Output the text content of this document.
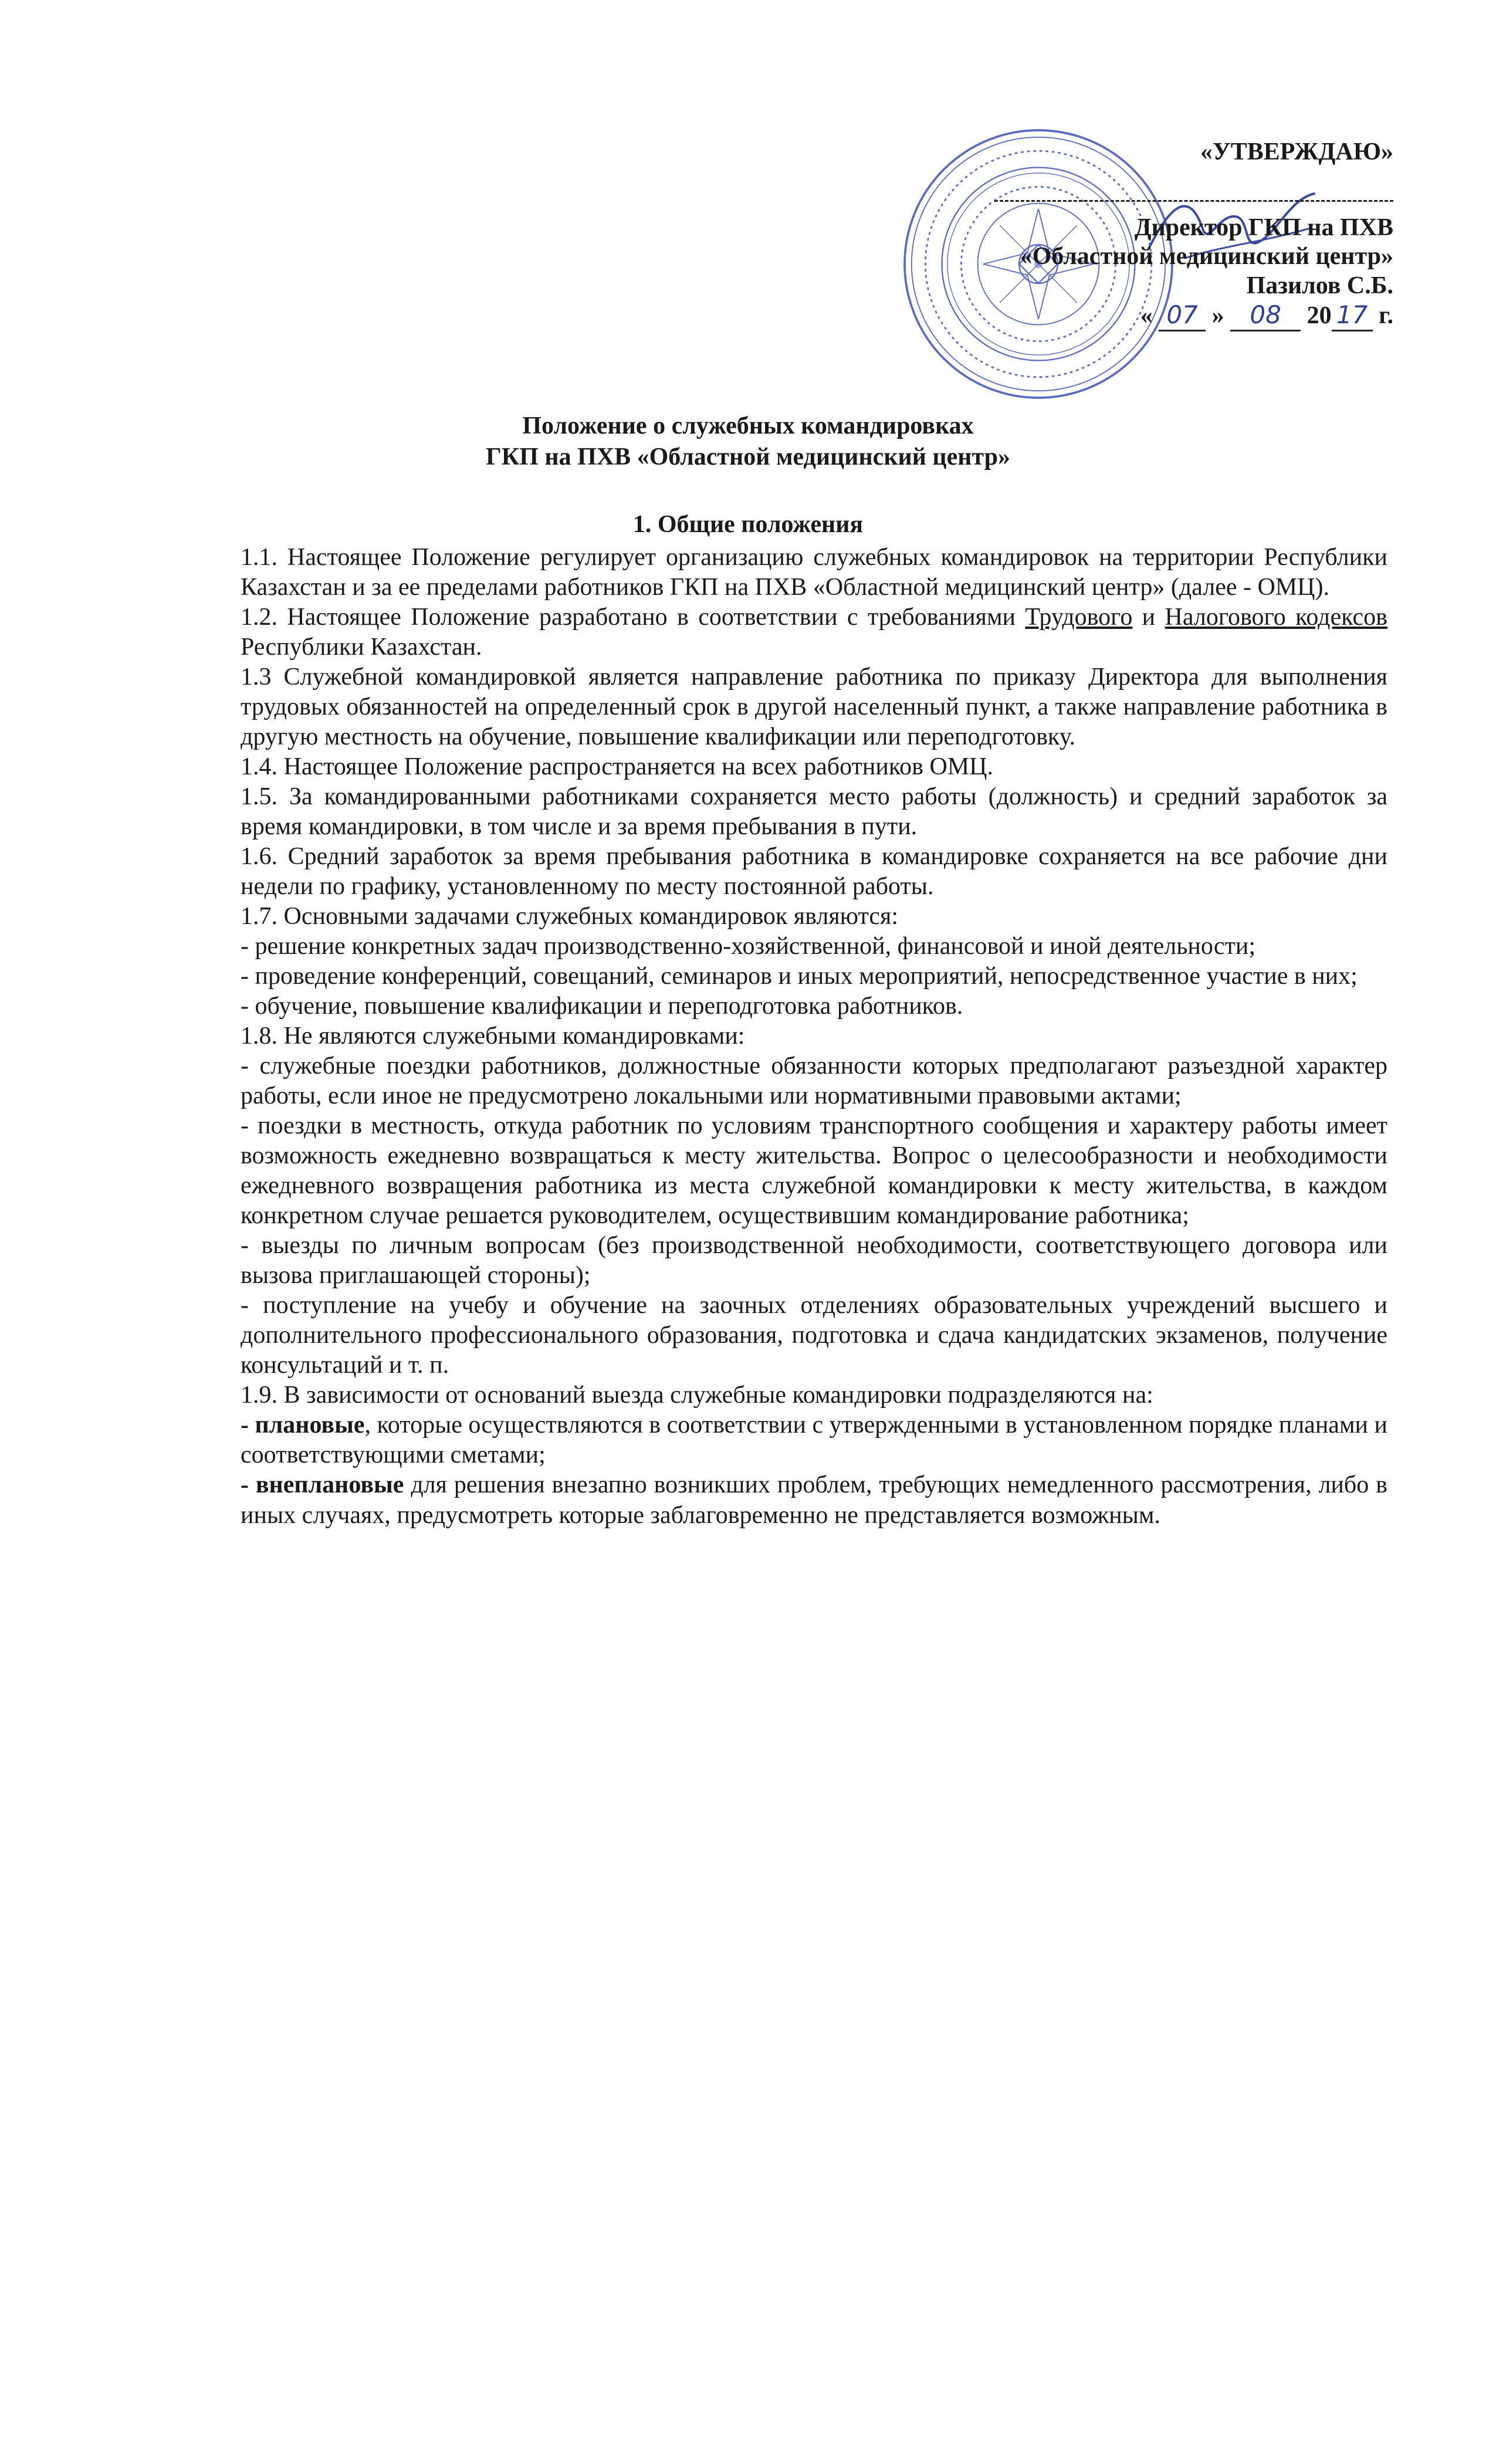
«УТВЕРЖДАЮ»
Директор ГКП на ПХВ
«Областной медицинский центр»
Пазилов С.Б.
« 07 » 08 20 17 г.
Положение о служебных командировках
ГКП на ПХВ «Областной медицинский центр»
1. Общие положения

1.1. Настоящее Положение регулирует организацию служебных командировок на территории Республики Казахстан и за ее пределами работников ГКП на ПХВ «Областной медицинский центр» (далее - ОМЦ).

1.2. Настоящее Положение разработано в соответствии с требованиями Трудового и Налогового кодексов Республики Казахстан.

1.3 Служебной командировкой является направление работника по приказу Директора для выполнения трудовых обязанностей на определенный срок в другой населенный пункт, а также направление работника в другую местность на обучение, повышение квалификации или переподготовку.

1.4. Настоящее Положение распространяется на всех работников ОМЦ.

1.5. За командированными работниками сохраняется место работы (должность) и средний заработок за время командировки, в том числе и за время пребывания в пути.

1.6. Средний заработок за время пребывания работника в командировке сохраняется на все рабочие дни недели по графику, установленному по месту постоянной работы.

1.7. Основными задачами служебных командировок являются:

- решение конкретных задач производственно-хозяйственной, финансовой и иной деятельности;

- проведение конференций, совещаний, семинаров и иных мероприятий, непосредственное участие в них;

- обучение, повышение квалификации и переподготовка работников.

1.8. Не являются служебными командировками:

- служебные поездки работников, должностные обязанности которых предполагают разъездной характер работы, если иное не предусмотрено локальными или нормативными правовыми актами;

- поездки в местность, откуда работник по условиям транспортного сообщения и характеру работы имеет возможность ежедневно возвращаться к месту жительства. Вопрос о целесообразности и необходимости ежедневного возвращения работника из места служебной командировки к месту жительства, в каждом конкретном случае решается руководителем, осуществившим командирование работника;

- выезды по личным вопросам (без производственной необходимости, соответствующего договора или вызова приглашающей стороны);

- поступление на учебу и обучение на заочных отделениях образовательных учреждений высшего и дополнительного профессионального образования, подготовка и сдача кандидатских экзаменов, получение консультаций и т. п.

1.9. В зависимости от оснований выезда служебные командировки подразделяются на:

- плановые, которые осуществляются в соответствии с утвержденными в установленном порядке планами и соответствующими сметами;

- внеплановые для решения внезапно возникших проблем, требующих немедленного рассмотрения, либо в иных случаях, предусмотреть которые заблаговременно не представляется возможным.
